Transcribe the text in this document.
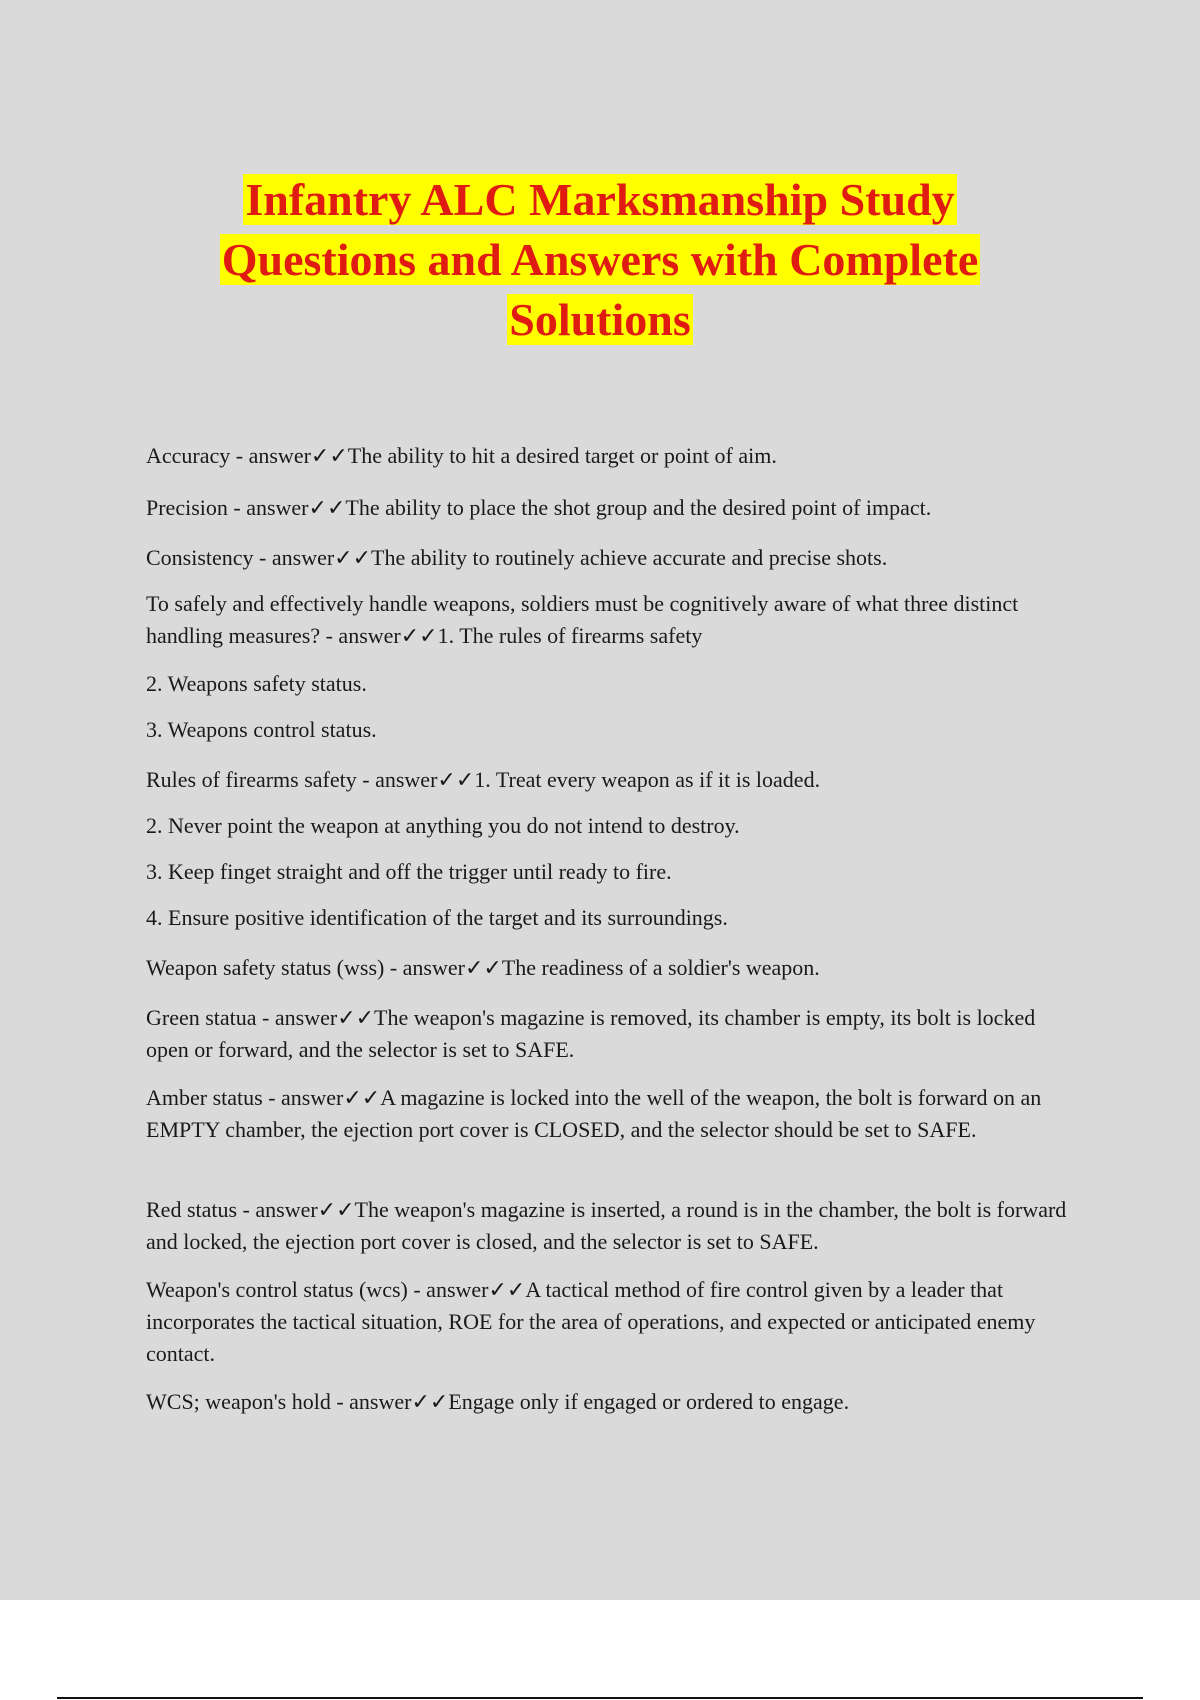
Infantry ALC Marksmanship Study
Questions and Answers with Complete
Solutions

Accuracy - answer✓✓The ability to hit a desired target or point of aim.

Precision - answer✓✓The ability to place the shot group and the desired point of impact.

Consistency - answer✓✓The ability to routinely achieve accurate and precise shots.

To safely and effectively handle weapons, soldiers must be cognitively aware of what three distinct handling measures? - answer✓✓1. The rules of firearms safety

2. Weapons safety status.

3. Weapons control status.

Rules of firearms safety - answer✓✓1. Treat every weapon as if it is loaded.

2. Never point the weapon at anything you do not intend to destroy.

3. Keep finget straight and off the trigger until ready to fire.

4. Ensure positive identification of the target and its surroundings.

Weapon safety status (wss) - answer✓✓The readiness of a soldier's weapon.

Green statua - answer✓✓The weapon's magazine is removed, its chamber is empty, its bolt is locked open or forward, and the selector is set to SAFE.

Amber status - answer✓✓A magazine is locked into the well of the weapon, the bolt is forward on an EMPTY chamber, the ejection port cover is CLOSED, and the selector should be set to SAFE.

Red status - answer✓✓The weapon's magazine is inserted, a round is in the chamber, the bolt is forward and locked, the ejection port cover is closed, and the selector is set to SAFE.

Weapon's control status (wcs) - answer✓✓A tactical method of fire control given by a leader that incorporates the tactical situation, ROE for the area of operations, and expected or anticipated enemy contact.

WCS; weapon's hold - answer✓✓Engage only if engaged or ordered to engage.
